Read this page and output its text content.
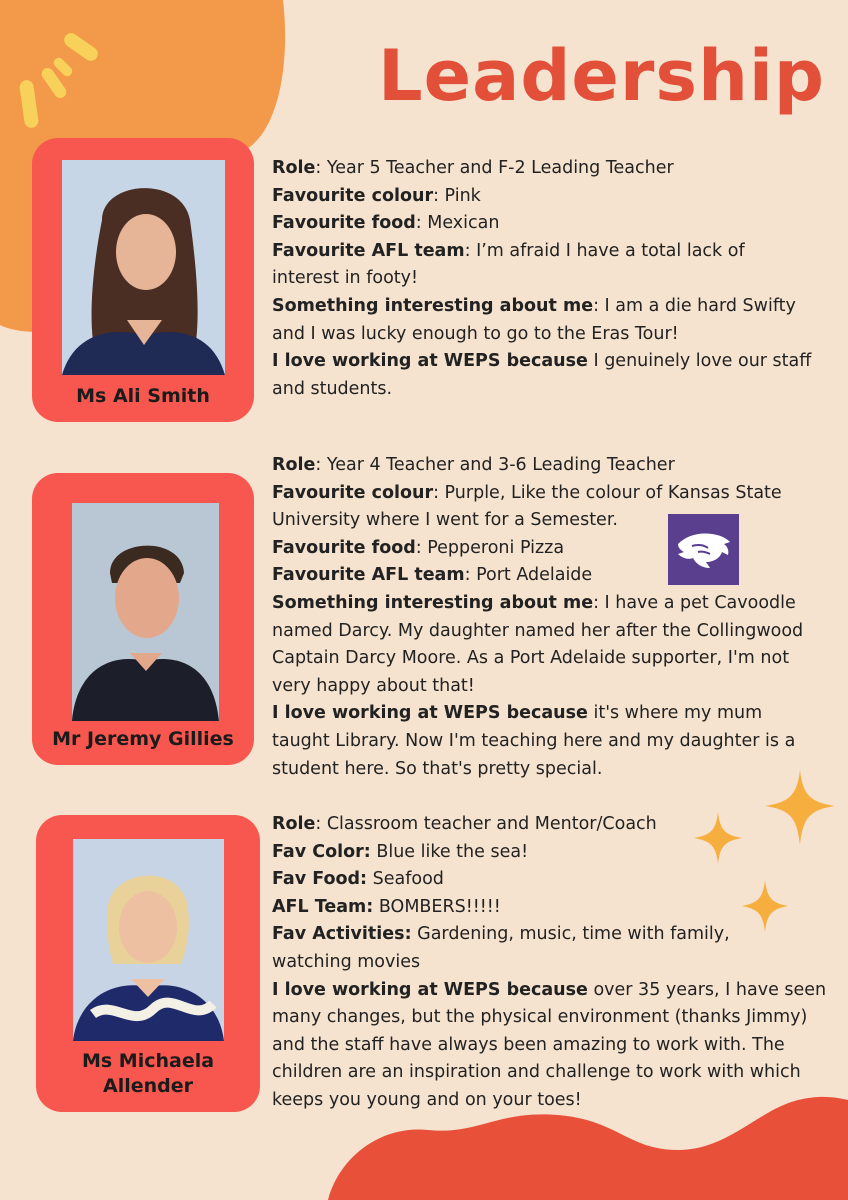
Leadership
Ms Ali Smith
Role: Year 5 Teacher and F-2 Leading Teacher
Favourite colour: Pink
Favourite food: Mexican
Favourite AFL team: I’m afraid I have a total lack of interest in footy!
Something interesting about me: I am a die hard Swifty and I was lucky enough to go to the Eras Tour!
I love working at WEPS because I genuinely love our staff and students.
Mr Jeremy Gillies
Role: Year 4 Teacher and 3-6 Leading Teacher
Favourite colour: Purple, Like the colour of Kansas State University where I went for a Semester.
Favourite food: Pepperoni Pizza
Favourite AFL team: Port Adelaide
Something interesting about me: I have a pet Cavoodle named Darcy. My daughter named her after the Collingwood Captain Darcy Moore. As a Port Adelaide supporter, I'm not very happy about that!
I love working at WEPS because it's where my mum taught Library. Now I'm teaching here and my daughter is a student here. So that's pretty special.
Ms Michaela
Allender
Role: Classroom teacher and Mentor/Coach
Fav Color: Blue like the sea!
Fav Food: Seafood
AFL Team: BOMBERS!!!!!
Fav Activities: Gardening, music, time with family, watching movies
I love working at WEPS because over 35 years, I have seen many changes, but the physical environment (thanks Jimmy) and the staff have always been amazing to work with. The children are an inspiration and challenge to work with which keeps you young and on your toes!
